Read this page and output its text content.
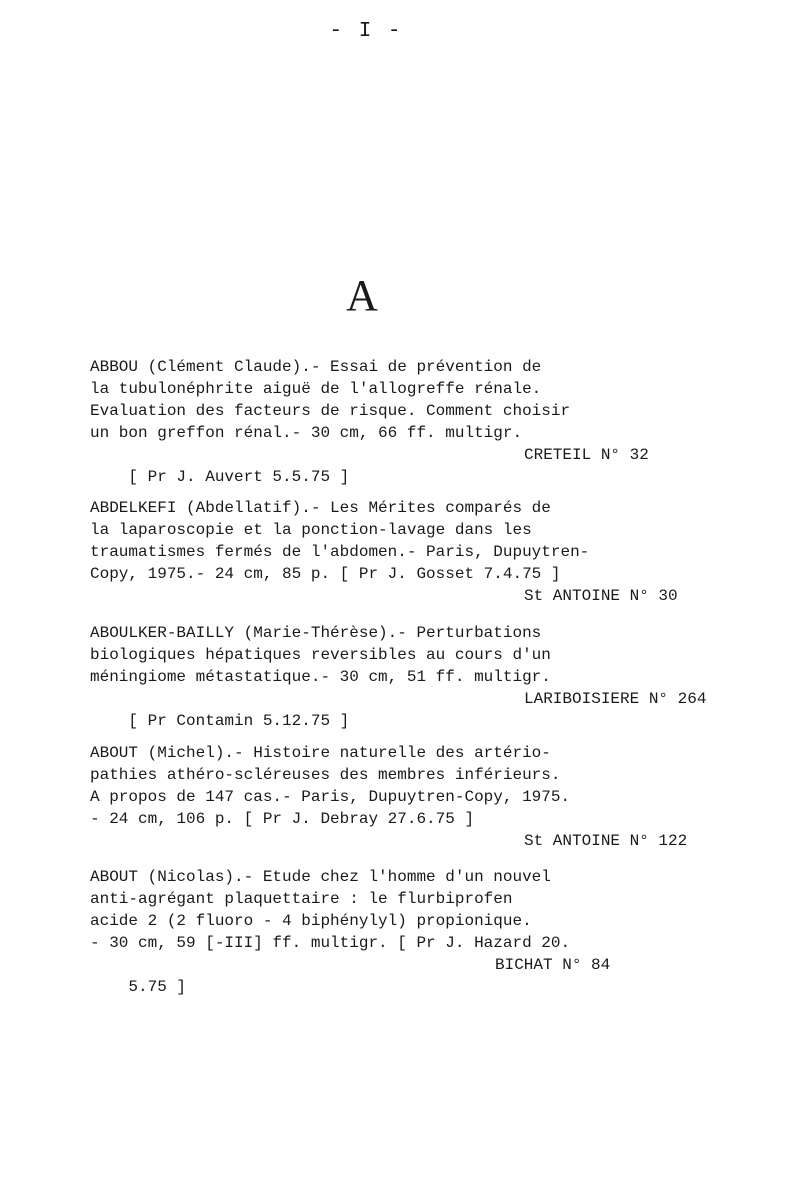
- I -
A
ABBOU (Clément Claude).- Essai de prévention de
la tubulonéphrite aiguë de l'allogreffe rénale.
Evaluation des facteurs de risque. Comment choisir
un bon greffon rénal.- 30 cm, 66 ff. multigr.

[ Pr J. Auvert 5.5.75 ]

CRETEIL N° 32

ABDELKEFI (Abdellatif).- Les Mérites comparés de
la laparoscopie et la ponction-lavage dans les
traumatismes fermés de l'abdomen.- Paris, Dupuytren-
Copy, 1975.- 24 cm, 85 p. [ Pr J. Gosset 7.4.75 ]

St ANTOINE N° 30

ABOULKER-BAILLY (Marie-Thérèse).- Perturbations
biologiques hépatiques reversibles au cours d'un
méningiome métastatique.- 30 cm, 51 ff. multigr.

[ Pr Contamin 5.12.75 ]

LARIBOISIERE N° 264

ABOUT (Michel).- Histoire naturelle des artério-
pathies athéro-scléreuses des membres inférieurs.
A propos de 147 cas.- Paris, Dupuytren-Copy, 1975.
- 24 cm, 106 p. [ Pr J. Debray 27.6.75 ]

St ANTOINE N° 122

ABOUT (Nicolas).- Etude chez l'homme d'un nouvel
anti-agrégant plaquettaire : le flurbiprofen
acide 2 (2 fluoro - 4 biphénylyl) propionique.
- 30 cm, 59 [-III] ff. multigr. [ Pr J. Hazard 20.

5.75 ]

BICHAT N° 84
